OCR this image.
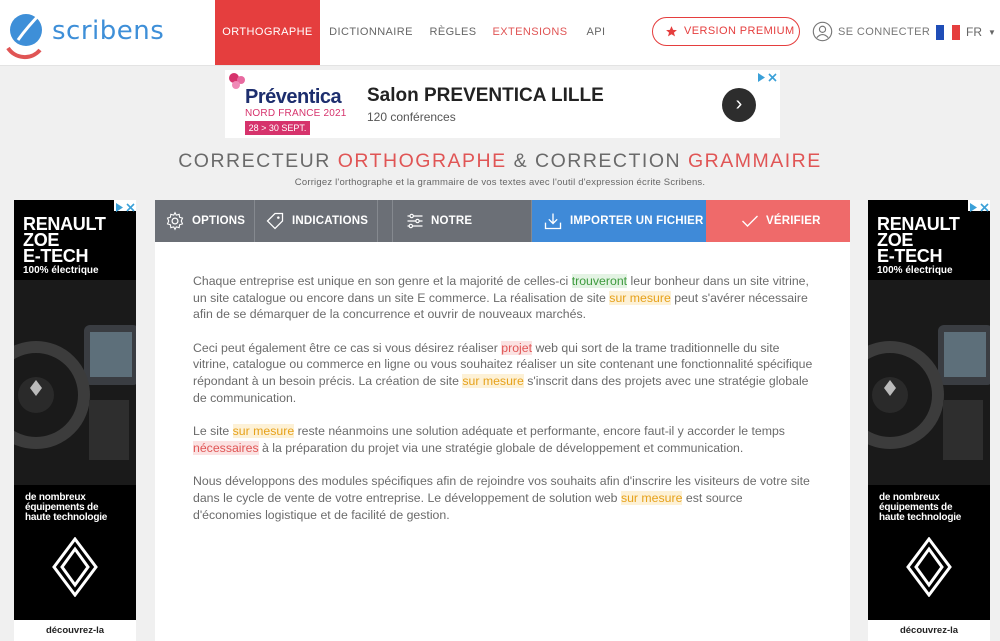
scribens	ORTHOGRAPHE	DICTIONNAIRE	RÈGLES	EXTENSIONS	API	VERSION PREMIUM	SE CONNECTER	FR ▼
Préventica
NORD FRANCE 2021
28 > 30 SEPT.
Salon PREVENTICA LILLE
120 conférences
›
CORRECTEUR ORTHOGRAPHE & CORRECTION GRAMMAIRE
Corrigez l'orthographe et la grammaire de vos textes avec l'outil d'expression écrite Scribens.
RENAULT
ZOE
E-TECH
100% électrique
de nombreux
équipements de
haute technologie
découvrez-la
RENAULT
ZOE
E-TECH
100% électrique
de nombreux
équipements de
haute technologie
découvrez-la
OPTIONS	INDICATIONS	NOTRE	IMPORTER UN FICHIER	VÉRIFIER

Chaque entreprise est unique en son genre et la majorité de celles-ci trouveront leur bonheur dans un site vitrine, un site catalogue ou encore dans un site E commerce. La réalisation de site sur mesure peut s'avérer nécessaire afin de se démarquer de la concurrence et ouvrir de nouveaux marchés.

Ceci peut également être ce cas si vous désirez réaliser projet web qui sort de la trame traditionnelle du site vitrine, catalogue ou commerce en ligne ou vous souhaitez réaliser un site contenant une fonctionnalité spécifique répondant à un besoin précis. La création de site sur mesure s'inscrit dans des projets avec une stratégie globale de communication.

Le site sur mesure reste néanmoins une solution adéquate et performante, encore faut-il y accorder le temps nécessaires à la préparation du projet via une stratégie globale de développement et communication.

Nous développons des modules spécifiques afin de rejoindre vos souhaits afin d'inscrire les visiteurs de votre site dans le cycle de vente de votre entreprise. Le développement de solution web sur mesure est source d'économies logistique et de facilité de gestion.
